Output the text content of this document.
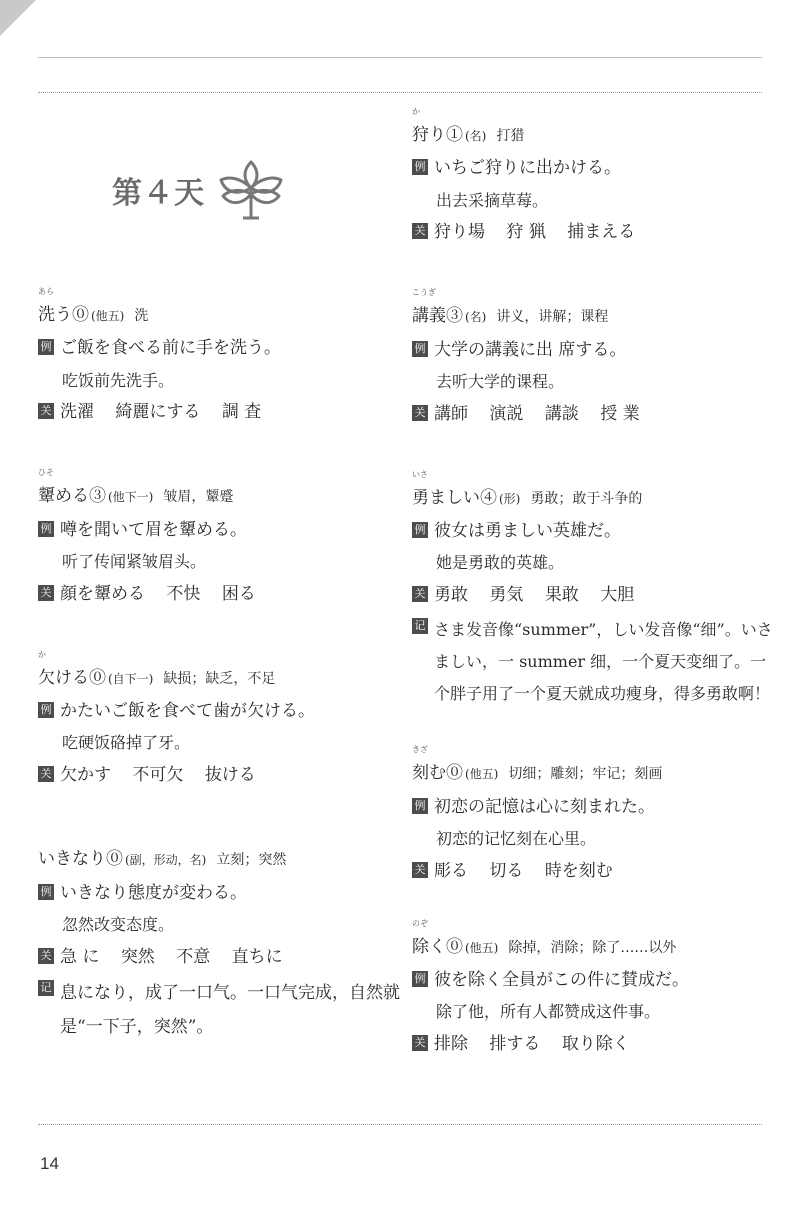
第４天
あら
洗う⓪ (他五) 洗
例 ご飯を食べる前に手を洗う。
吃饭前先洗手。
关 洗濯 綺麗にする 調 査
ひそ
顰める③ (他下一) 皱眉，颦蹙
例 噂を聞いて眉を顰める。
听了传闻紧皱眉头。
关 顔を顰める 不快 困る
か
欠ける⓪ (自下一) 缺损；缺乏，不足
例 かたいご飯を食べて歯が欠ける。
吃硬饭硌掉了牙。
关 欠かす 不可欠 抜ける
いきなり⓪ (副，形动，名) 立刻；突然
例 いきなり態度が変わる。
忽然改变态度。
关 急 に 突然 不意 直ちに
记 息になり，成了一口气。一口气完成，自然就是“一下子，突然”。
か
狩り① (名) 打猎
例 いちご狩りに出かける。
出去采摘草莓。
关 狩り場 狩 猟 捕まえる
こうぎ
講義③ (名) 讲义，讲解；课程
例 大学の講義に出 席する。
去听大学的课程。
关 講師 演説 講談 授 業
いさ
勇ましい④ (形) 勇敢；敢于斗争的
例 彼女は勇ましい英雄だ。
她是勇敢的英雄。
关 勇敢 勇気 果敢 大胆
记 さま发音像“summer”，しい发音像“细”。いさましい，一 summer 细，一个夏天变细了。一个胖子用了一个夏天就成功瘦身，得多勇敢啊！
きざ
刻む⓪ (他五) 切细；雕刻；牢记；刻画
例 初恋の記憶は心に刻まれた。
初恋的记忆刻在心里。
关 彫る 切る 時を刻む
のぞ
除く⓪ (他五) 除掉，消除；除了……以外
例 彼を除く全員がこの件に賛成だ。
除了他，所有人都赞成这件事。
关 排除 排する 取り除く
14
